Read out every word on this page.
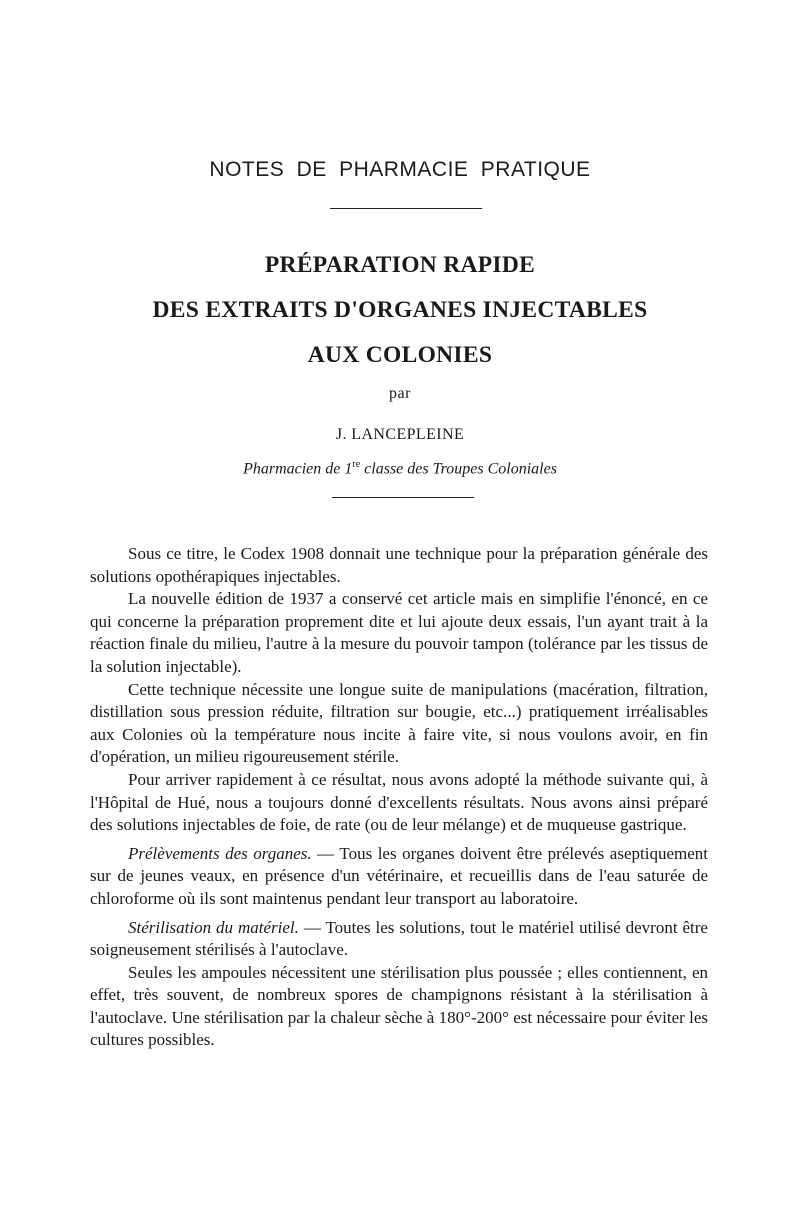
NOTES DE PHARMACIE PRATIQUE
PRÉPARATION RAPIDE
DES EXTRAITS D'ORGANES INJECTABLES
AUX COLONIES
par
J. LANCEPLEINE
Pharmacien de 1re classe des Troupes Coloniales

Sous ce titre, le Codex 1908 donnait une technique pour la préparation générale des solutions opothérapiques injectables.

La nouvelle édition de 1937 a conservé cet article mais en simplifie l'énoncé, en ce qui concerne la préparation proprement dite et lui ajoute deux essais, l'un ayant trait à la réaction finale du milieu, l'autre à la mesure du pouvoir tampon (tolérance par les tissus de la solution injectable).

Cette technique nécessite une longue suite de manipulations (macération, filtration, distillation sous pression réduite, filtration sur bougie, etc...) pratiquement irréalisables aux Colonies où la température nous incite à faire vite, si nous voulons avoir, en fin d'opération, un milieu rigoureusement stérile.

Pour arriver rapidement à ce résultat, nous avons adopté la méthode suivante qui, à l'Hôpital de Hué, nous a toujours donné d'excellents résultats. Nous avons ainsi préparé des solutions injectables de foie, de rate (ou de leur mélange) et de muqueuse gastrique.

Prélèvements des organes. — Tous les organes doivent être prélevés aseptiquement sur de jeunes veaux, en présence d'un vétérinaire, et recueillis dans de l'eau saturée de chloroforme où ils sont maintenus pendant leur transport au laboratoire.

Stérilisation du matériel. — Toutes les solutions, tout le matériel utilisé devront être soigneusement stérilisés à l'autoclave.

Seules les ampoules nécessitent une stérilisation plus poussée ; elles contiennent, en effet, très souvent, de nombreux spores de champignons résistant à la stérilisation à l'autoclave. Une stérilisation par la chaleur sèche à 180°-200° est nécessaire pour éviter les cultures possibles.
